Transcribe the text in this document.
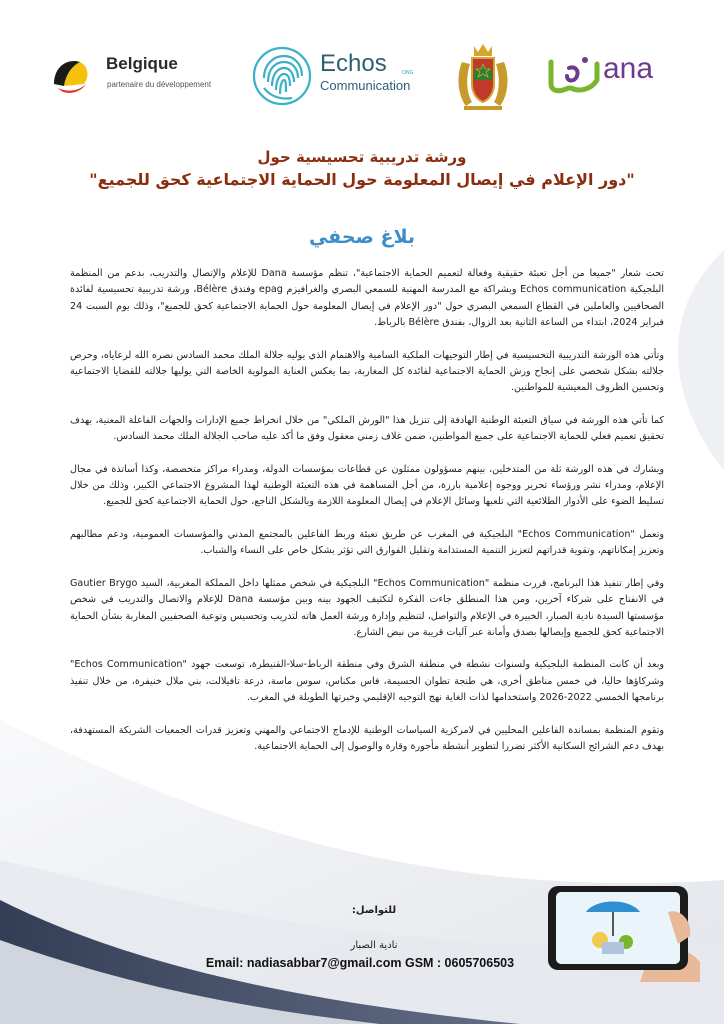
Belgique
partenaire du développement
Echos	ONG
Communication
ana
ورشة تدريبية تحسيسية حول
"دور الإعلام في إيصال المعلومة حول الحماية الاجتماعية كحق للجميع"
بلاغ صحفي

تحت شعار "جميعا من أجل تعبئة حقيقية وفعالة لتعميم الحماية الاجتماعية"، تنظم مؤسسة Dana للإعلام والإتصال والتدريب، بدعم من المنظمة البلجيكية Echos communication وبشراكة مع المدرسة المهنية للسمعي البصري والغرافيزم epag وفندق Bélère، ورشة تدريبية تحسيسية لفائدة الصحافيين والعاملين في القطاع السمعي البصري حول "دور الإعلام في إيصال المعلومة حول الحماية الاجتماعية كحق للجميع"، وذلك يوم السبت 24 فبراير 2024، ابتداء من الساعة الثانية بعد الزوال، بفندق Bélère بالرباط.

وتأتي هذه الورشة التدريبية التحسيسية في إطار التوجيهات الملكية السامية والاهتمام الذي يوليه جلالة الملك محمد السادس نصره الله لرعاياه، وحرص جلالته بشكل شخصي على إنجاح ورش الحماية الاجتماعية لفائدة كل المغاربة، بما يعكس العناية المولوية الخاصة التي يوليها جلالته للقضايا الاجتماعية وتحسين الظروف المعيشية للمواطنين.

كما تأتي هذه الورشة في سياق التعبئة الوطنية الهادفة إلى تنزيل هذا "الورش الملكي" من خلال انخراط جميع الإدارات والجهات الفاعلة المعنية، بهدف تحقيق تعميم فعلي للحماية الاجتماعية على جميع المواطنين، ضمن غلاف زمني معقول وفق ما أكد عليه صاحب الجلالة الملك محمد السادس.

ويشارك في هذه الورشة ثلة من المتدخلين، بينهم مسؤولون ممثلون عن قطاعات بمؤسسات الدولة، ومدراء مراكز متخصصة، وكذا أساتذة في مجال الإعلام، ومدراء نشر ورؤساء تحرير ووجوه إعلامية بارزة، من أجل المساهمة في هذه التعبئة الوطنية لهذا المشروع الاجتماعي الكبير، وذلك من خلال تسليط الضوء على الأدوار الطلائعية التي تلعبها وسائل الإعلام في إيصال المعلومة اللازمة وبالشكل الناجع، حول الحماية الاجتماعية كحق للجميع.

وتعمل "Echos Communication" البلجيكية في المغرب عن طريق تعبئة وربط الفاعلين بالمجتمع المدني والمؤسسات العمومية، ودعم مطالبهم وتعزيز إمكاناتهم، وتقوية قدراتهم لتعزيز التنمية المستدامة وتقليل الفوارق التي تؤثر بشكل خاص على النساء والشباب.

وفي إطار تنفيذ هذا البرنامج، قررت منظمة "Echos Communication" البلجيكية في شخص ممثلها داخل المملكة المغربية، السيد Gautier Brygo في الانفتاح على شركاء آخرين، ومن هذا المنطلق جاءت الفكرة لتكثيف الجهود بينه وبين مؤسسة Dana للإعلام والاتصال والتدريب في شخص مؤسستها السيدة نادية الصبار، الخبيرة في الإعلام والتواصل، لتنظيم وإدارة ورشة العمل هاته لتدريب وتحسيس وتوعية الصحفيين المغاربة بشأن الحماية الاجتماعية كحق للجميع وإيصالها بصدق وأمانة عبر آليات قريبة من نبض الشارع.

وبعد أن كانت المنظمة البلجيكية ولسنوات نشطة في منطقة الشرق وفي منطقة الرباط-سلا-القنيطرة، توسعت جهود "Echos Communication" وشركاؤها حاليا، في خمس مناطق أخرى، هي طنجة تطوان الحسيمة، فاس مكناس، سوس ماسة، درعة تافيلالت، بني ملال خنيفرة، من خلال تنفيذ برنامجها الخمسي 2022-2026 واستخدامها لذات الغاية نهج التوجيه الإقليمي وخبرتها الطويلة في المغرب.

وتقوم المنظمة بمساندة الفاعلين المحليين في لامركزية السياسات الوطنية للإدماج الاجتماعي والمهني وتعزيز قدرات الجمعيات الشريكة المستهدفة، بهدف دعم الشرائح السكانية الأكثر تضررا لتطوير أنشطة مأجورة وقارة والوصول إلى الحماية الاجتماعية.

للتواصل:
نادية الصبار
Email: nadiasabbar7@gmail.com GSM : 0605706503
